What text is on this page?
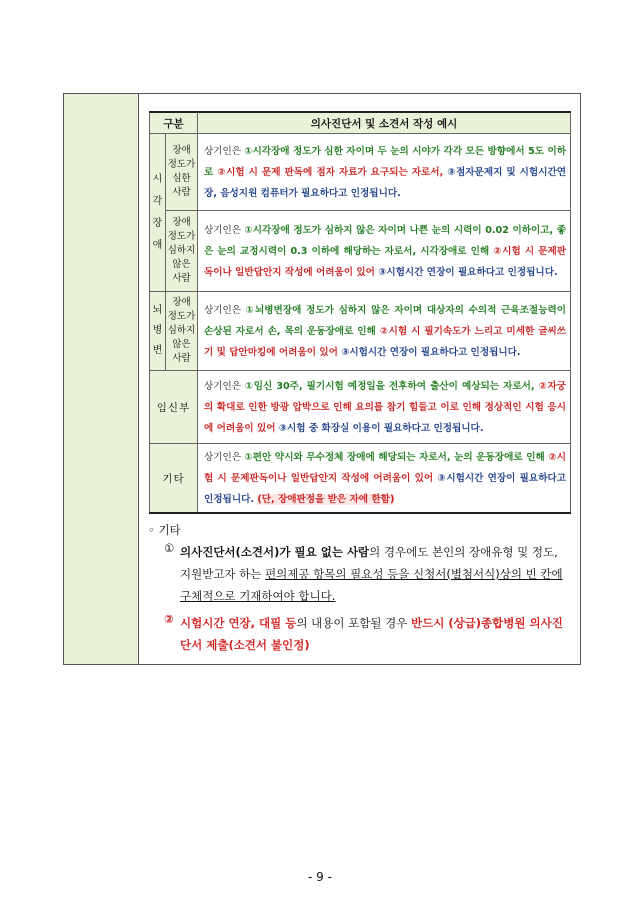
구분		의사진단서 및 소견서 작성 예시
시각장애	장애
정도가
심한
사람	상기인은 ①시각장애 정도가 심한 자이며 두 눈의 시야가 각각 모든 방향에서 5도 이하로 ②시험 시 문제 판독에 점자 자료가 요구되는 자로서, ③점자문제지 및 시험시간연장, 음성지원 컴퓨터가 필요하다고 인정됩니다.
	장애
정도가
심하지
않은
사람	상기인은 ①시각장애 정도가 심하지 않은 자이며 나쁜 눈의 시력이 0.02 이하이고, 좋은 눈의 교정시력이 0.3 이하에 해당하는 자로서, 시각장애로 인해 ②시험 시 문제판독이나 일반답안지 작성에 어려움이 있어 ③시험시간 연장이 필요하다고 인정됩니다.
뇌병변	장애
정도가
심하지
않은
사람	상기인은 ①뇌병변장애 정도가 심하지 않은 자이며 대상자의 수의적 근육조절능력이 손상된 자로서 손, 목의 운동장애로 인해 ②시험 시 필기속도가 느리고 미세한 글씨쓰기 및 답안마킹에 어려움이 있어 ③시험시간 연장이 필요하다고 인정됩니다.
임신부		상기인은 ①임신 30주, 필기시험 예정일을 전후하여 출산이 예상되는 자로서, ②자궁의 확대로 인한 방광 압박으로 인해 요의를 참기 힘들고 이로 인해 정상적인 시험 응시에 어려움이 있어 ③시험 중 화장실 이용이 필요하다고 인정됩니다.
기타		상기인은 ①편안 약시와 무수정체 장애에 해당되는 자로서, 눈의 운동장애로 인해 ②시험 시 문제판독이나 일반답안지 작성에 어려움이 있어 ③시험시간 연장이 필요하다고 인정됩니다. (단, 장애판정을 받은 자에 한함)
◦ 기타
① 의사진단서(소견서)가 필요 없는 사람의 경우에도 본인의 장애유형 및 정도, 지원받고자 하는 편의제공 항목의 필요성 등을 신청서(별첨서식)상의 빈 칸에 구체적으로 기재하여야 합니다.
② 시험시간 연장, 대필 등의 내용이 포함될 경우 반드시 (상급)종합병원 의사진단서 제출(소견서 불인정)
- 9 -
